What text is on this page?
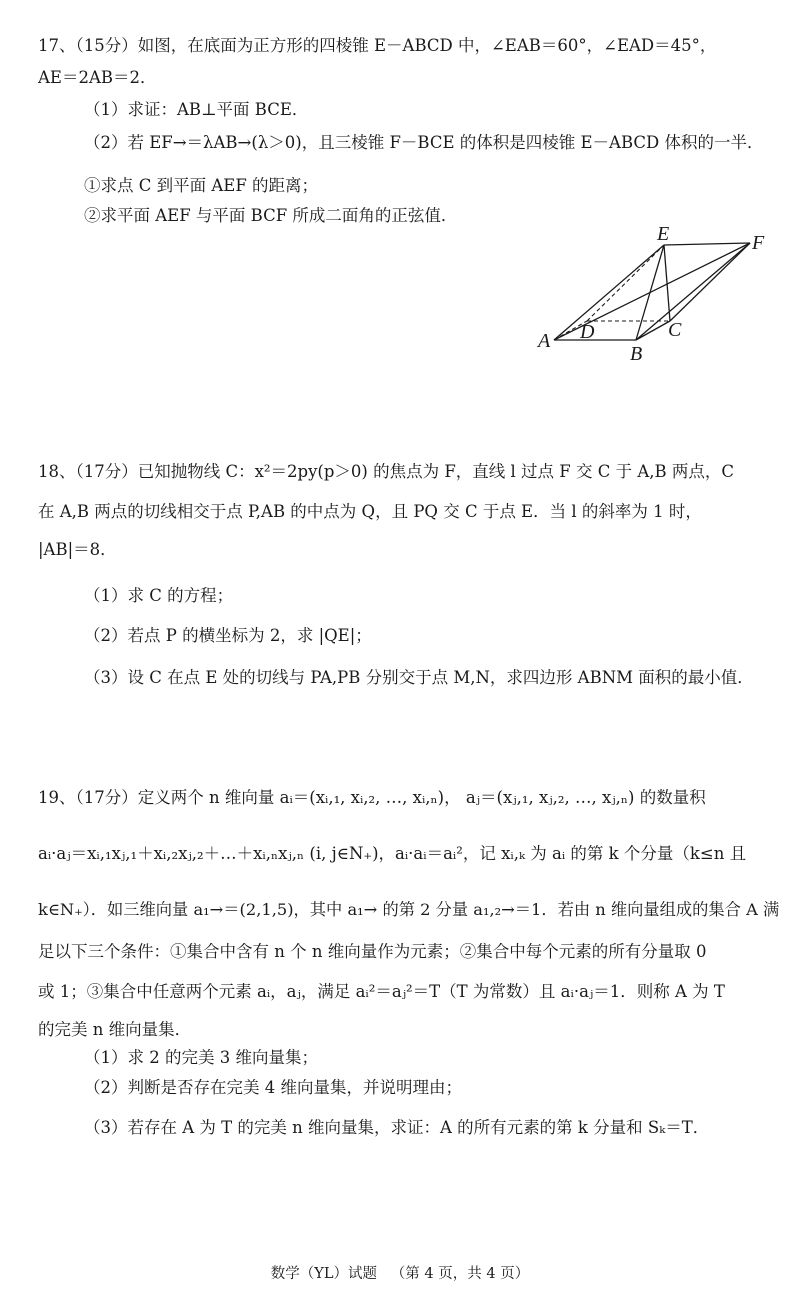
17、（15分）如图，在底面为正方形的四棱锥 E－ABCD 中，∠EAB＝60°，∠EAD＝45°，
AE＝2AB＝2．
（1）求证：AB⊥平面 BCE．
（2）若 EF→＝λAB→(λ＞0)，且三棱锥 F－BCE 的体积是四棱锥 E－ABCD 体积的一半．
①求点 C 到平面 AEF 的距离；
②求平面 AEF 与平面 BCF 所成二面角的正弦值．
E	F
A D	C
B
18、（17分）已知抛物线 C：x²＝2py(p＞0) 的焦点为 F，直线 l 过点 F 交 C 于 A,B 两点，C
在 A,B 两点的切线相交于点 P,AB 的中点为 Q，且 PQ 交 C 于点 E．当 l 的斜率为 1 时，
|AB|＝8．
（1）求 C 的方程；
（2）若点 P 的横坐标为 2，求 |QE|；
（3）设 C 在点 E 处的切线与 PA,PB 分别交于点 M,N，求四边形 ABNM 面积的最小值．
19、（17分）定义两个 n 维向量 aᵢ＝(xᵢ,₁, xᵢ,₂, …, xᵢ,ₙ)， aⱼ＝(xⱼ,₁, xⱼ,₂, …, xⱼ,ₙ) 的数量积
aᵢ·aⱼ＝xᵢ,₁xⱼ,₁＋xᵢ,₂xⱼ,₂＋…＋xᵢ,ₙxⱼ,ₙ (i, j∈N₊)，aᵢ·aᵢ＝aᵢ²，记 xᵢ,ₖ 为 aᵢ 的第 k 个分量（k≤n 且
k∈N₊）．如三维向量 a₁→＝(2,1,5)，其中 a₁→ 的第 2 分量 a₁,₂→＝1．若由 n 维向量组成的集合 A 满
足以下三个条件：①集合中含有 n 个 n 维向量作为元素；②集合中每个元素的所有分量取 0
或 1；③集合中任意两个元素 aᵢ，aⱼ，满足 aᵢ²＝aⱼ²＝T（T 为常数）且 aᵢ·aⱼ＝1．则称 A 为 T
的完美 n 维向量集．
（1）求 2 的完美 3 维向量集；
（2）判断是否存在完美 4 维向量集，并说明理由；
（3）若存在 A 为 T 的完美 n 维向量集，求证：A 的所有元素的第 k 分量和 Sₖ＝T．
数学（YL）试题   （第 4 页，共 4 页）
